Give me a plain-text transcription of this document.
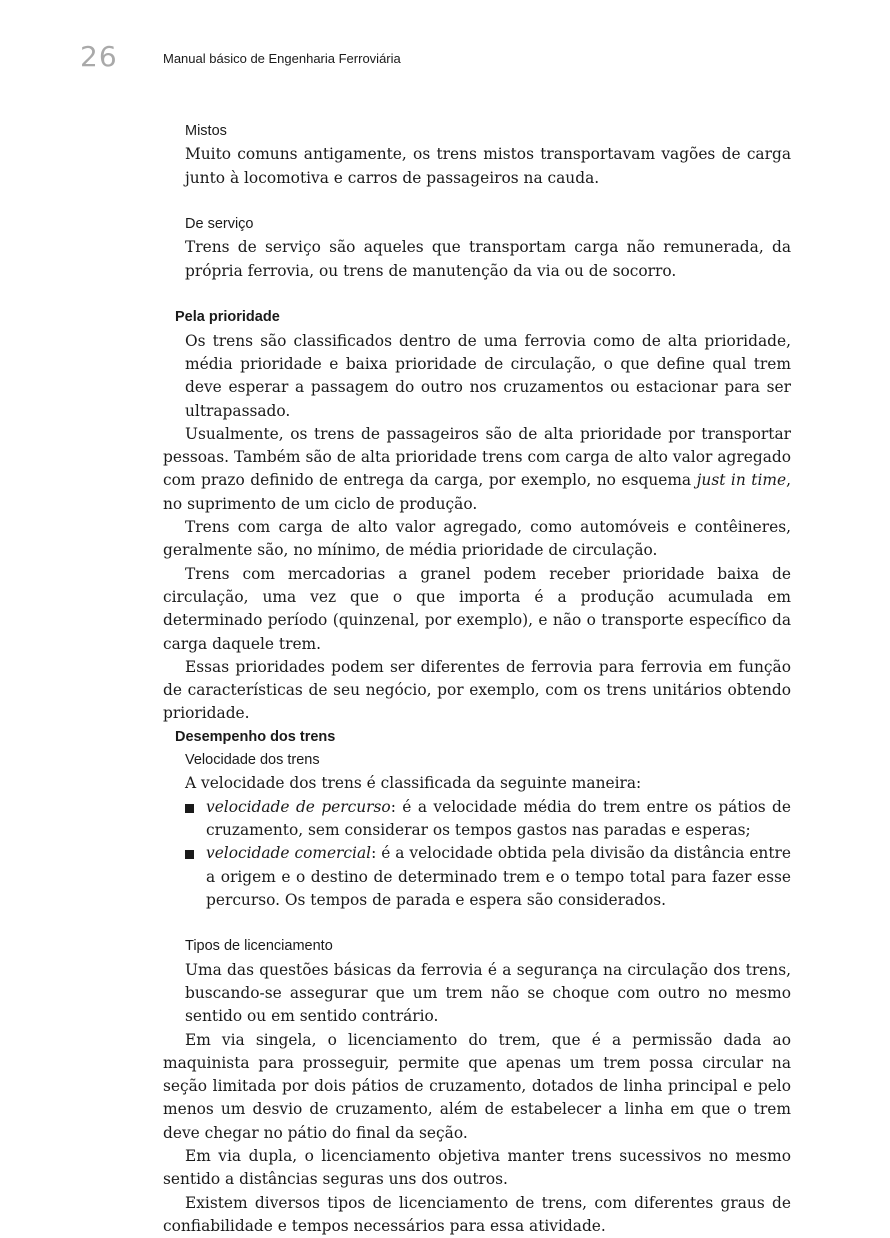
26	Manual básico de Engenharia Ferroviária

Mistos

Muito comuns antigamente, os trens mistos transportavam vagões de carga junto à locomotiva e carros de passageiros na cauda.

De serviço

Trens de serviço são aqueles que transportam carga não remunerada, da própria ferrovia, ou trens de manutenção da via ou de socorro.

Pela prioridade

Os trens são classificados dentro de uma ferrovia como de alta prioridade, média prioridade e baixa prioridade de circulação, o que define qual trem deve esperar a passagem do outro nos cruzamentos ou estacionar para ser ultrapassado.

Usualmente, os trens de passageiros são de alta prioridade por transportar pessoas. Também são de alta prioridade trens com carga de alto valor agregado com prazo definido de entrega da carga, por exemplo, no esquema just in time, no suprimento de um ciclo de produção.

Trens com carga de alto valor agregado, como automóveis e contêineres, geralmente são, no mínimo, de média prioridade de circulação.

Trens com mercadorias a granel podem receber prioridade baixa de circulação, uma vez que o que importa é a produção acumulada em determinado período (quinzenal, por exemplo), e não o transporte específico da carga daquele trem.

Essas prioridades podem ser diferentes de ferrovia para ferrovia em função de características de seu negócio, por exemplo, com os trens unitários obtendo prioridade.

Desempenho dos trens

Velocidade dos trens

A velocidade dos trens é classificada da seguinte maneira:

velocidade de percurso: é a velocidade média do trem entre os pátios de cruzamento, sem considerar os tempos gastos nas paradas e esperas;
velocidade comercial: é a velocidade obtida pela divisão da distância entre a origem e o destino de determinado trem e o tempo total para fazer esse percurso. Os tempos de parada e espera são considerados.

Tipos de licenciamento

Uma das questões básicas da ferrovia é a segurança na circulação dos trens, buscando-se assegurar que um trem não se choque com outro no mesmo sentido ou em sentido contrário.

Em via singela, o licenciamento do trem, que é a permissão dada ao maquinista para prosseguir, permite que apenas um trem possa circular na seção limitada por dois pátios de cruzamento, dotados de linha principal e pelo menos um desvio de cruzamento, além de estabelecer a linha em que o trem deve chegar no pátio do final da seção.

Em via dupla, o licenciamento objetiva manter trens sucessivos no mesmo sentido a distâncias seguras uns dos outros.

Existem diversos tipos de licenciamento de trens, com diferentes graus de confiabilidade e tempos necessários para essa atividade.
